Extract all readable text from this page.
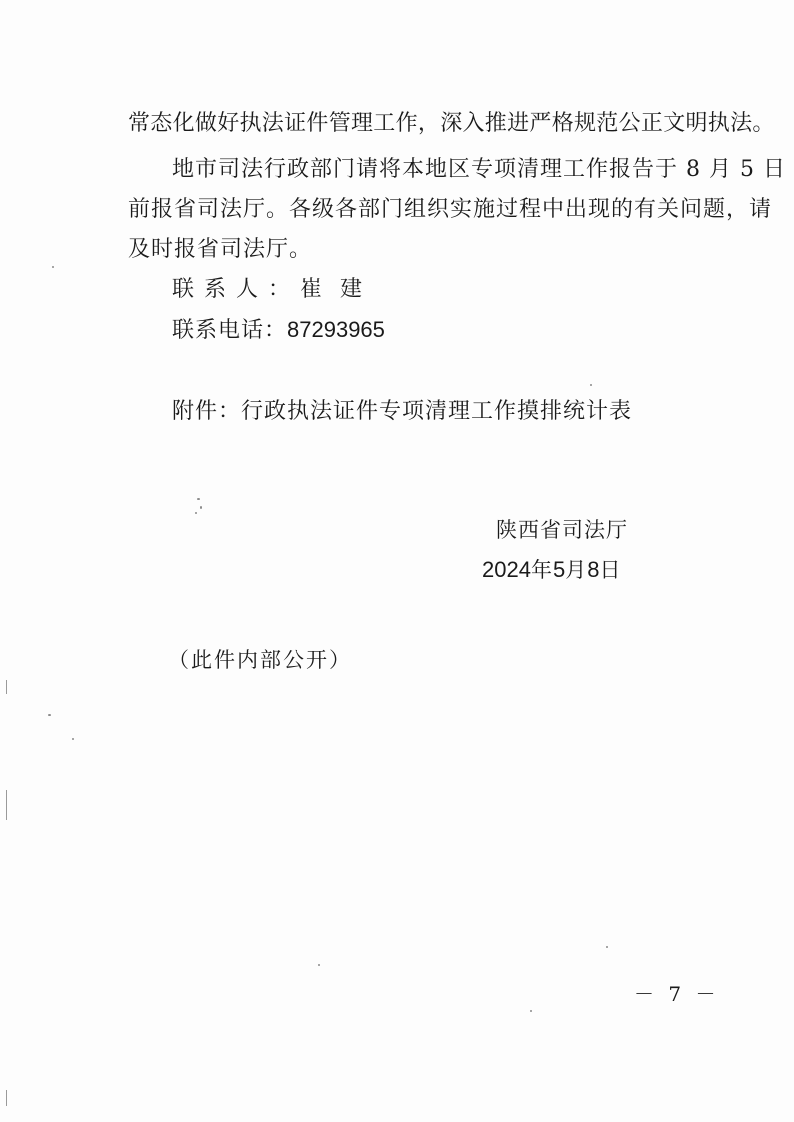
常态化做好执法证件管理工作，深入推进严格规范公正文明执法。
地市司法行政部门请将本地区专项清理工作报告于 8 月 5 日
前报省司法厅。各级各部门组织实施过程中出现的有关问题，请
及时报省司法厅。
联系人：崔建
联系电话：87293965
附件：行政执法证件专项清理工作摸排统计表
陕西省司法厅
2024年5月8日
（此件内部公开）
－ 7 －
